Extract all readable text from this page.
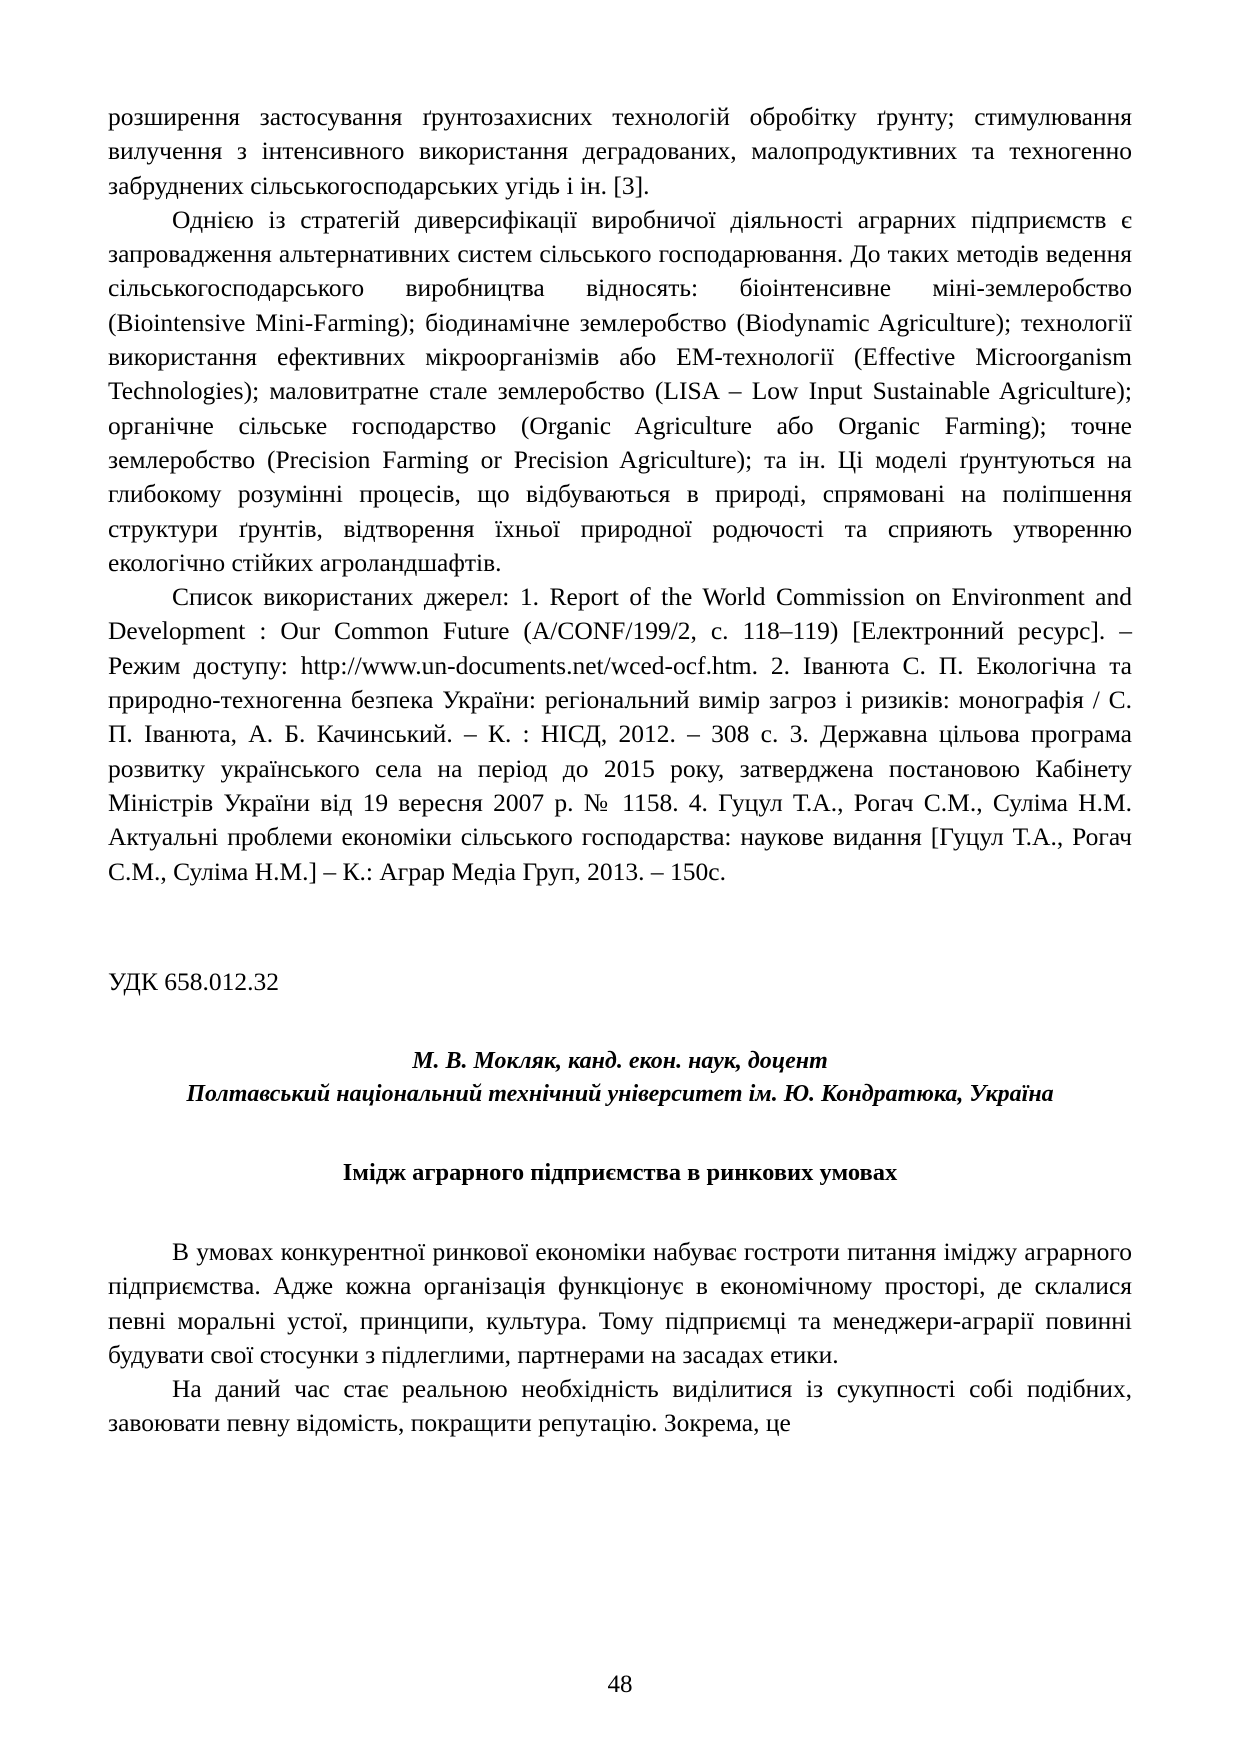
розширення застосування ґрунтозахисних технологій обробітку ґрунту; стимулювання вилучення з інтенсивного використання деградованих, малопродуктивних та техногенно забруднених сільськогосподарських угідь і ін. [3].

Однією із стратегій диверсифікації виробничої діяльності аграрних підприємств є запровадження альтернативних систем сільського господарювання. До таких методів ведення сільськогосподарського виробництва відносять: біоінтенсивне міні-землеробство (Biointensive Mini-Farming); біодинамічне землеробство (Biodynamic Agriculture); технології використання ефективних мікроорганізмів або ЕМ-технології (Effective Microorganism Technologies); маловитратне стале землеробство (LISA – Low Input Sustainable Agriculture); органічне сільське господарство (Organic Agriculture або Organic Farming); точне землеробство (Precision Farming or Precision Agriculture); та ін. Ці моделі ґрунтуються на глибокому розумінні процесів, що відбуваються в природі, спрямовані на поліпшення структури ґрунтів, відтворення їхньої природної родючості та сприяють утворенню екологічно стійких агроландшафтів.

Список використаних джерел: 1. Report of the World Commission on Environment and Development : Our Common Future (A/CONF/199/2, c. 118–119) [Електронний ресурс]. – Режим доступу: http://www.un-documents.net/wced-ocf.htm. 2. Іванюта С. П. Екологічна та природно-техногенна безпека України: регіональний вимір загроз і ризиків: монографія / С. П. Іванюта, А. Б. Качинський. – К. : НІСД, 2012. – 308 с. 3. Державна цільова програма розвитку українського села на період до 2015 року, затверджена постановою Кабінету Міністрів України від 19 вересня 2007 р. № 1158. 4. Гуцул Т.А., Рогач С.М., Суліма Н.М. Актуальні проблеми економіки сільського господарства: наукове видання [Гуцул Т.А., Рогач С.М., Суліма Н.М.] – К.: Аграр Медіа Груп, 2013. – 150с.

УДК 658.012.32
М. В. Мокляк, канд. екон. наук, доцент
Полтавський національний технічний університет ім. Ю. Кондратюка, Україна
Імідж аграрного підприємства в ринкових умовах

В умовах конкурентної ринкової економіки набуває гостроти питання іміджу аграрного підприємства. Адже кожна організація функціонує в економічному просторі, де склалися певні моральні устої, принципи, культура. Тому підприємці та менеджери-аграрії повинні будувати свої стосунки з підлеглими, партнерами на засадах етики.

На даний час стає реальною необхідність виділитися із сукупності собі подібних, завоювати певну відомість, покращити репутацію. Зокрема, це

48
